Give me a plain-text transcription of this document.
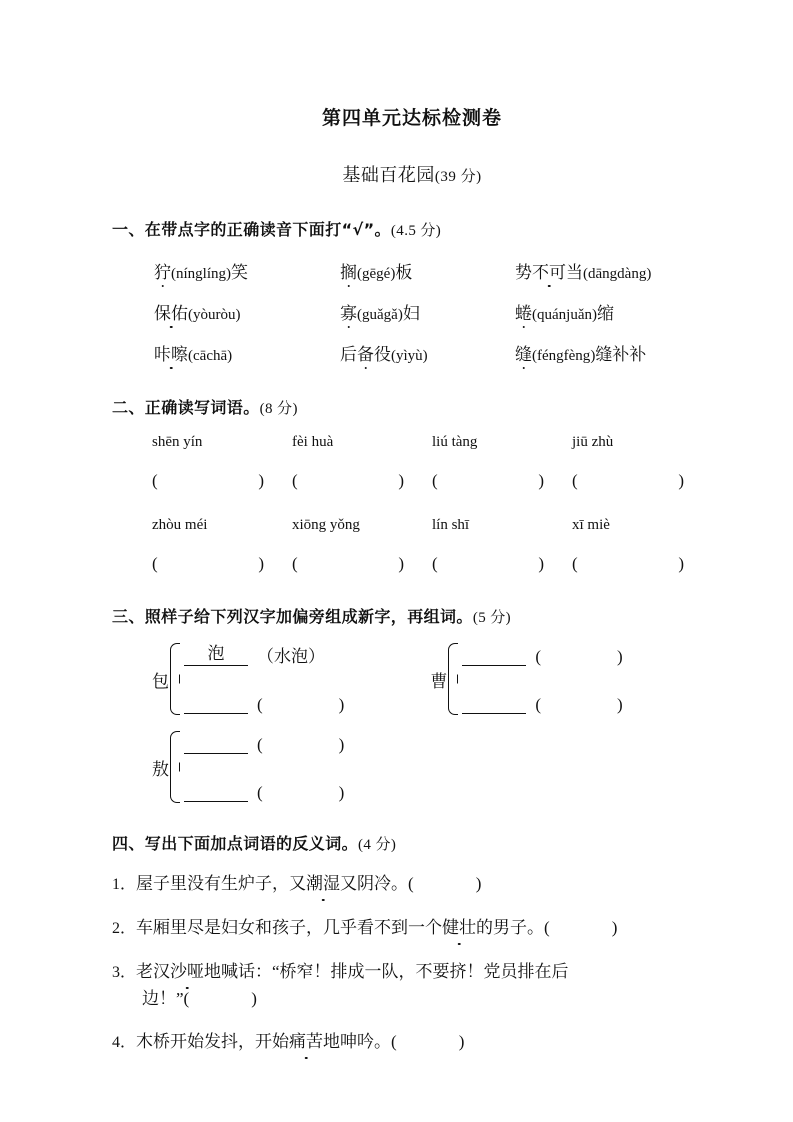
第四单元达标检测卷
基础百花园(39 分)
一、在带点字的正确读音下面打“√”。(4.5 分)
狞 ( níng líng ) 笑	搁 ( gē gé ) 板	势不可当 ( dāng dàng )
保佑 ( yòu ròu )	寡 ( guǎ gǎ ) 妇	蜷 ( quán juǎn ) 缩
咔嚓 ( cā chā )	后备役 ( yì yù )	缝 ( féng fèng ) 缝补补
二、正确读写词语。(8 分)
shēn yín	fèi huà	liú tàng	jiū zhù
(	) (	) (	) (	)
zhòu méi	xiōng yǒng	lín shī	xī miè
(	) (	) (	) (	)
三、照样子给下列汉字加偏旁组成新字，再组词。(5 分)
包
泡	（水泡）
(	)
曹
(	)
(	)
敖
(	)
(	)
四、写出下面加点词语的反义词。(4 分)
1．屋子里没有生炉子，又潮湿又阴冷。(	)
2．车厢里尽是妇女和孩子，几乎看不到一个健壮的男子。(	)
3．老汉沙哑地喊话：“桥窄！排成一队，不要挤！党员排在后
边！”(	)
4．木桥开始发抖，开始痛苦地呻吟。(	)
